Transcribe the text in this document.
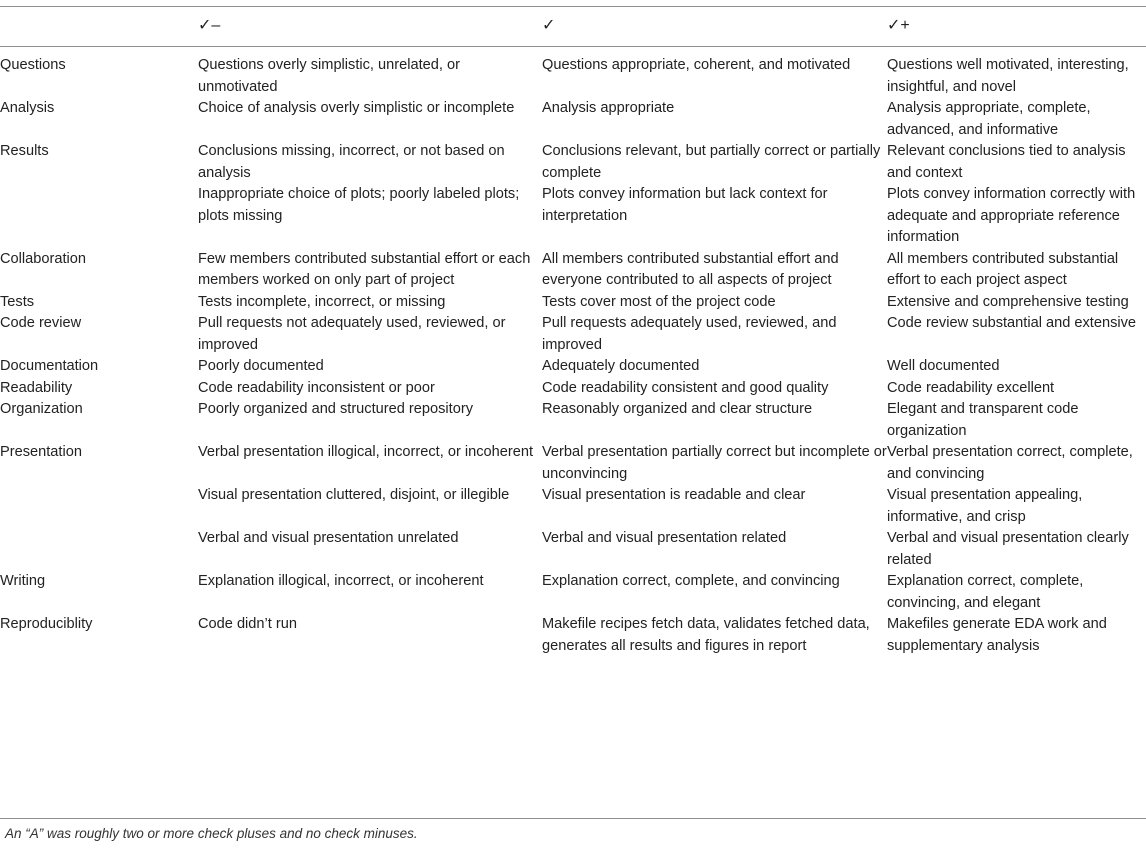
	✓–	✓	✓+
Questions	Questions overly simplistic, unrelated, or unmotivated	Questions appropriate, coherent, and motivated	Questions well motivated, interesting, insightful, and novel
Analysis	Choice of analysis overly simplistic or incomplete	Analysis appropriate	Analysis appropriate, complete, advanced, and informative
Results	Conclusions missing, incorrect, or not based on analysis	Conclusions relevant, but partially correct or partially complete	Relevant conclusions tied to analysis and context
	Inappropriate choice of plots; poorly labeled plots; plots missing	Plots convey information but lack context for interpretation	Plots convey information correctly with adequate and appropriate reference information
Collaboration	Few members contributed substantial effort or each members worked on only part of project	All members contributed substantial effort and everyone contributed to all aspects of project	All members contributed substantial effort to each project aspect
Tests	Tests incomplete, incorrect, or missing	Tests cover most of the project code	Extensive and comprehensive testing
Code review	Pull requests not adequately used, reviewed, or improved	Pull requests adequately used, reviewed, and improved	Code review substantial and extensive
Documentation	Poorly documented	Adequately documented	Well documented
Readability	Code readability inconsistent or poor	Code readability consistent and good quality	Code readability excellent
Organization	Poorly organized and structured repository	Reasonably organized and clear structure	Elegant and transparent code organization
Presentation	Verbal presentation illogical, incorrect, or incoherent	Verbal presentation partially correct but incomplete or unconvincing	Verbal presentation correct, complete, and convincing
	Visual presentation cluttered, disjoint, or illegible	Visual presentation is readable and clear	Visual presentation appealing, informative, and crisp
	Verbal and visual presentation unrelated	Verbal and visual presentation related	Verbal and visual presentation clearly related
Writing	Explanation illogical, incorrect, or incoherent	Explanation correct, complete, and convincing	Explanation correct, complete, convincing, and elegant
Reproduciblity	Code didn’t run	Makefile recipes fetch data, validates fetched data, generates all results and figures in report	Makefiles generate EDA work and supplementary analysis
An “A” was roughly two or more check pluses and no check minuses.
